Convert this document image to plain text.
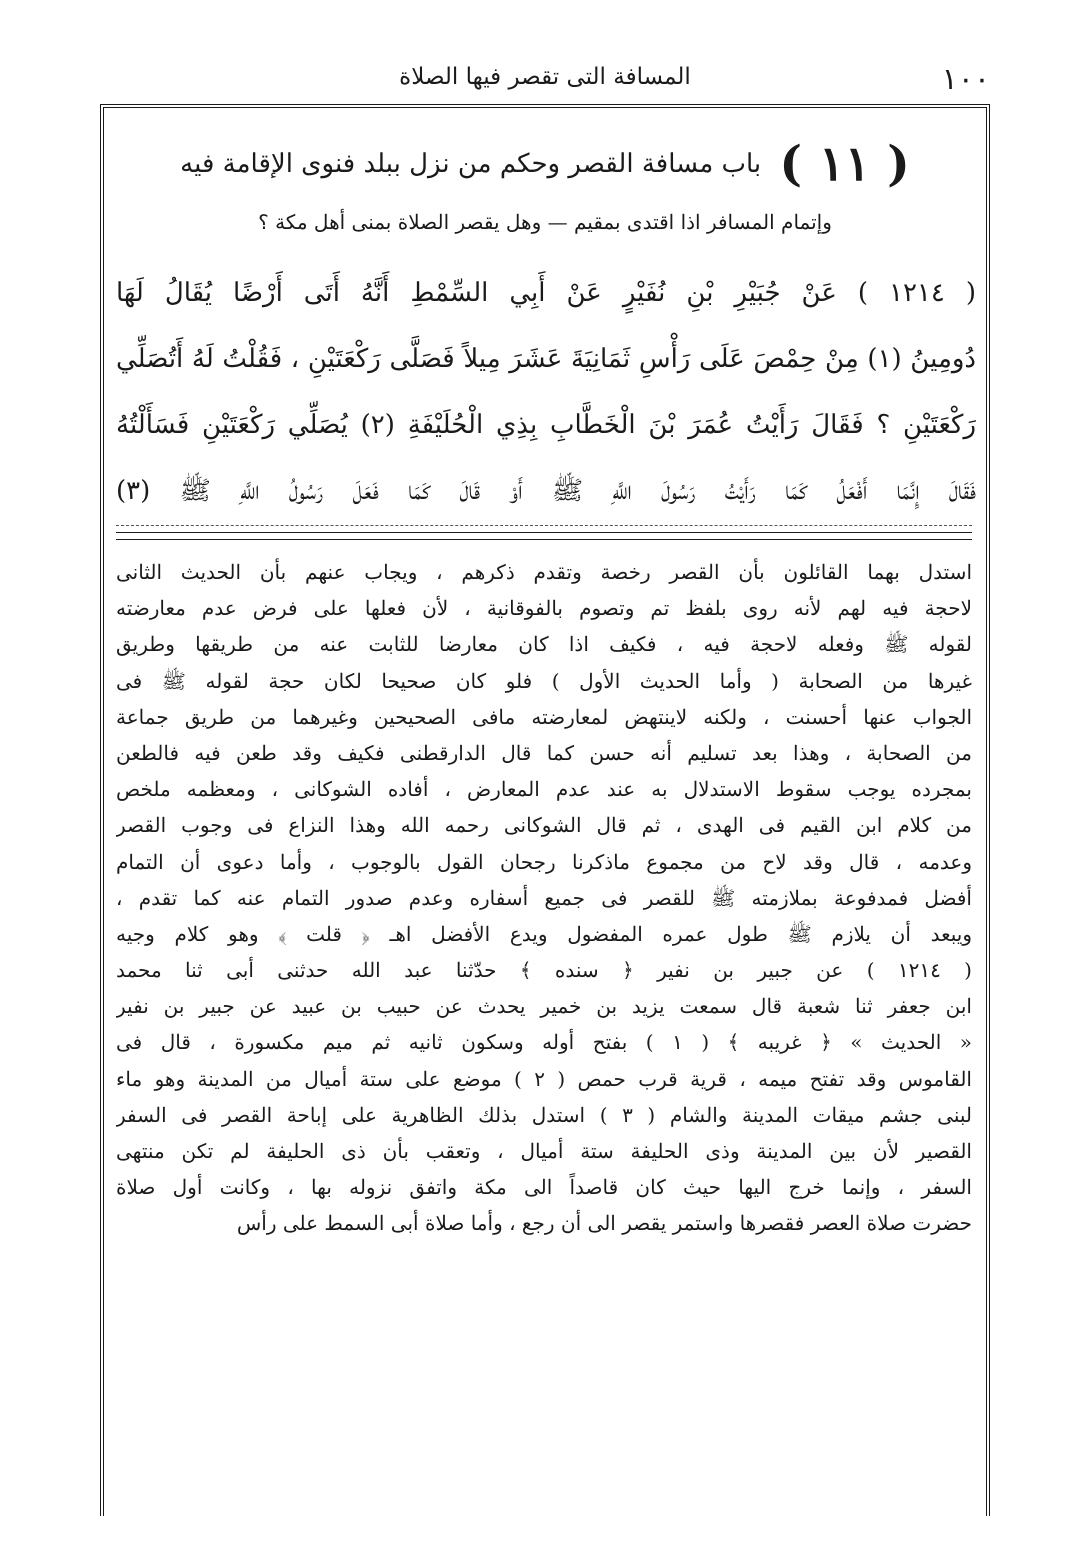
١٠٠
المسافة التى تقصر فيها الصلاة
( ١١ ) باب مسافة القصر وحكم من نزل ببلد فنوى الإقامة فيه
وإتمام المسافر اذا اقتدى بمقيم — وهل يقصر الصلاة بمنى أهل مكة ؟

( ١٢١٤ ) عَنْ جُبَيْرِ بْنِ نُفَيْرٍ عَنْ أَبِي السِّمْطِ أَنَّهُ أَتَى أَرْضًا يُقَالُ لَهَا

دُومِينُ (١) مِنْ حِمْصَ عَلَى رَأْسِ ثَمَانِيَةَ عَشَرَ مِيلاً فَصَلَّى رَكْعَتَيْنِ ، فَقُلْتُ لَهُ أَتُصَلِّي

رَكْعَتَيْنِ ؟ فَقَالَ رَأَيْتُ عُمَرَ بْنَ الْخَطَّابِ بِذِي الْحُلَيْفَةِ (٢) يُصَلِّي رَكْعَتَيْنِ فَسَأَلْتُهُ

فَقَالَ إِنَّمَا أَفْعَلُ كَمَا رَأَيْتُ رَسُولَ اللَّهِ ﷺ أَوْ قَالَ كَمَا فَعَلَ رَسُولُ اللَّهِ ﷺ (٣)

استدل بهما القائلون بأن القصر رخصة وتقدم ذكرهم ، ويجاب عنهم بأن الحديث الثانى

لاحجة فيه لهم لأنه روى بلفظ تم وتصوم بالفوقانية ، لأن فعلها على فرض عدم معارضته

لقوله ﷺ وفعله لاحجة فيه ، فكيف اذا كان معارضا للثابت عنه من طريقها وطريق

غيرها من الصحابة ( وأما الحديث الأول ) فلو كان صحيحا لكان حجة لقوله ﷺ فى

الجواب عنها أحسنت ، ولكنه لاينتهض لمعارضته مافى الصحيحين وغيرهما من طريق جماعة

من الصحابة ، وهذا بعد تسليم أنه حسن كما قال الدارقطنى فكيف وقد طعن فيه فالطعن

بمجرده يوجب سقوط الاستدلال به عند عدم المعارض ، أفاده الشوكانى ، ومعظمه ملخص

من كلام ابن القيم فى الهدى ، ثم قال الشوكانى رحمه الله وهذا النزاع فى وجوب القصر

وعدمه ، قال وقد لاح من مجموع ماذكرنا رجحان القول بالوجوب ، وأما دعوى أن التمام

أفضل فمدفوعة بملازمته ﷺ للقصر فى جميع أسفاره وعدم صدور التمام عنه كما تقدم ،

ويبعد أن يلازم ﷺ طول عمره المفضول ويدع الأفضل اهـ ﴿ قلت ﴾ وهو كلام وجيه

( ١٢١٤ ) عن جبير بن نفير ﴿ سنده ﴾ حدّثنا عبد الله حدثنى أبى ثنا محمد

ابن جعفر ثنا شعبة قال سمعت يزيد بن خمير يحدث عن حبيب بن عبيد عن جبير بن نفير

« الحديث » ﴿ غريبه ﴾ ( ١ ) بفتح أوله وسكون ثانيه ثم ميم مكسورة ، قال فى

القاموس وقد تفتح ميمه ، قرية قرب حمص ( ٢ ) موضع على ستة أميال من المدينة وهو ماء

لبنى جشم ميقات المدينة والشام ( ٣ ) استدل بذلك الظاهرية على إباحة القصر فى السفر

القصير لأن بين المدينة وذى الحليفة ستة أميال ، وتعقب بأن ذى الحليفة لم تكن منتهى

السفر ، وإنما خرج اليها حيث كان قاصداً الى مكة واتفق نزوله بها ، وكانت أول صلاة

حضرت صلاة العصر فقصرها واستمر يقصر الى أن رجع ، وأما صلاة أبى السمط على رأس
